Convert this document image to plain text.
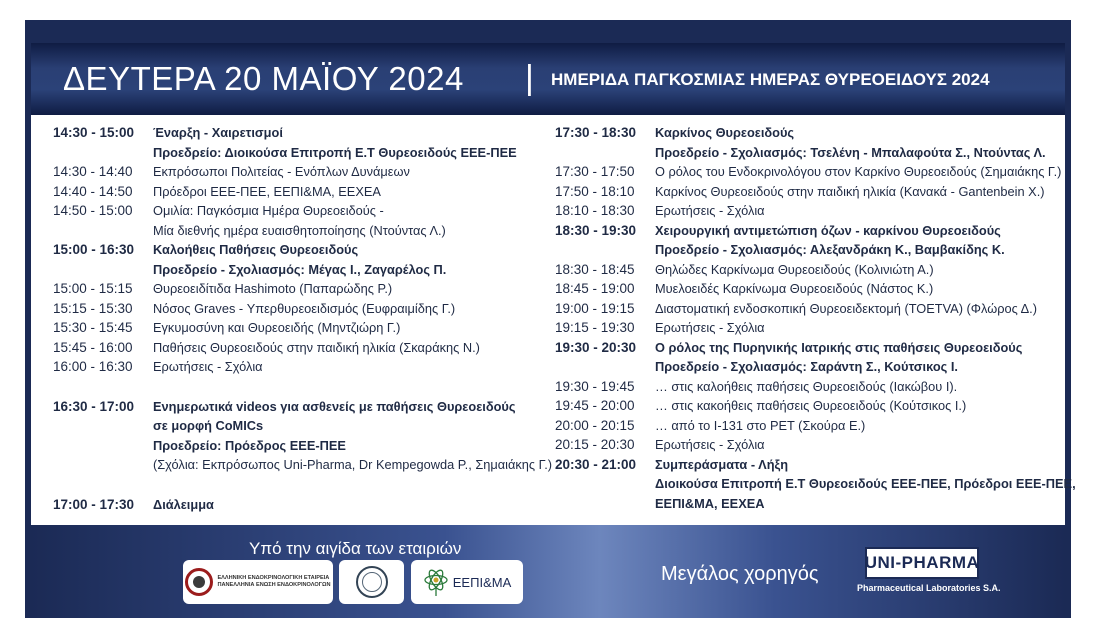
ΔΕΥΤΕΡΑ 20 ΜΑΪΟΥ 2024 | ΗΜΕΡΙΔΑ ΠΑΓΚΟΣΜΙΑΣ ΗΜΕΡΑΣ ΘΥΡΕΟΕΙΔΟΥΣ 2024
14:30 - 15:00	Έναρξη - Χαιρετισμοί
Προεδρείο: Διοικούσα Επιτροπή Ε.Τ Θυρεοειδούς ΕΕΕ-ΠΕΕ
14:30 - 14:40	Εκπρόσωποι Πολιτείας - Ενόπλων Δυνάμεων
14:40 - 14:50	Πρόεδροι ΕΕΕ-ΠΕΕ, ΕΕΠΙ&ΜΑ, ΕΕΧΕΑ
14:50 - 15:00	Ομιλία: Παγκόσμια Ημέρα Θυρεοειδούς -
Μία διεθνής ημέρα ευαισθητοποίησης (Ντούντας Λ.)
15:00 - 16:30	Καλοήθεις Παθήσεις Θυρεοειδούς
Προεδρείο - Σχολιασμός: Μέγας Ι., Ζαγαρέλος Π.
15:00 - 15:15	Θυρεοειδίτιδα Hashimoto (Παπαρώδης Ρ.)
15:15 - 15:30	Νόσος Graves - Υπερθυρεοειδισμός (Ευφραιμίδης Γ.)
15:30 - 15:45	Εγκυμοσύνη και Θυρεοειδής (Μηντζιώρη Γ.)
15:45 - 16:00	Παθήσεις Θυρεοειδούς στην παιδική ηλικία (Σκαράκης Ν.)
16:00 - 16:30	Ερωτήσεις - Σχόλια
16:30 - 17:00	Ενημερωτικά videos για ασθενείς με παθήσεις Θυρεοειδούς
σε μορφή CoMICs
Προεδρείο: Πρόεδρος ΕΕΕ-ΠΕΕ
(Σχόλια: Εκπρόσωπος Uni-Pharma, Dr Kempegowda P., Σημαιάκης Γ.)
17:00 - 17:30	Διάλειμμα
17:30 - 18:30	Καρκίνος Θυρεοειδούς
Προεδρείο - Σχολιασμός: Τσελένη - Μπαλαφούτα Σ., Ντούντας Λ.
17:30 - 17:50	Ο ρόλος του Ενδοκρινολόγου στον Καρκίνο Θυρεοειδούς (Σημαιάκης Γ.)
17:50 - 18:10	Καρκίνος Θυρεοειδούς στην παιδική ηλικία (Κανακά - Gantenbein Χ.)
18:10 - 18:30	Ερωτήσεις - Σχόλια
18:30 - 19:30	Χειρουργική αντιμετώπιση όζων - καρκίνου Θυρεοειδούς
Προεδρείο - Σχολιασμός: Αλεξανδράκη Κ., Βαμβακίδης Κ.
18:30 - 18:45	Θηλώδες Καρκίνωμα Θυρεοειδούς (Κολινιώτη Α.)
18:45 - 19:00	Μυελοειδές Καρκίνωμα Θυρεοειδούς (Νάστος Κ.)
19:00 - 19:15	Διαστοματική ενδοσκοπική Θυρεοειδεκτομή (TOETVA) (Φλώρος Δ.)
19:15 - 19:30	Ερωτήσεις - Σχόλια
19:30 - 20:30	Ο ρόλος της Πυρηνικής Ιατρικής στις παθήσεις Θυρεοειδούς
Προεδρείο - Σχολιασμός: Σαράντη Σ., Κούτσικος Ι.
19:30 - 19:45	… στις καλοήθεις παθήσεις Θυρεοειδούς (Ιακώβου Ι).
19:45 - 20:00	… στις κακοήθεις παθήσεις Θυρεοειδούς (Κούτσικος Ι.)
20:00 - 20:15	… από το Ι-131 στο PET (Σκούρα Ε.)
20:15 - 20:30	Ερωτήσεις - Σχόλια
20:30 - 21:00	Συμπεράσματα - Λήξη
Διοικούσα Επιτροπή Ε.Τ Θυρεοειδούς ΕΕΕ-ΠΕΕ, Πρόεδροι ΕΕΕ-ΠΕΕ,
ΕΕΠΙ&ΜΑ, ΕΕΧΕΑ
Υπό την αιγίδα των εταιριών
ΕΛΛΗΝΙΚΗ ΕΝΔΟΚΡΙΝΟΛΟΓΙΚΗ ΕΤΑΙΡΕΙΑ
ΠΑΝΕΛΛΗΝΙΑ ΕΝΩΣΗ ΕΝΔΟΚΡΙΝΟΛΟΓΩΝ	ΕΕΠΙ&ΜΑ	Μεγάλος χορηγός
UNI-PHARMA
Pharmaceutical Laboratories S.A.
